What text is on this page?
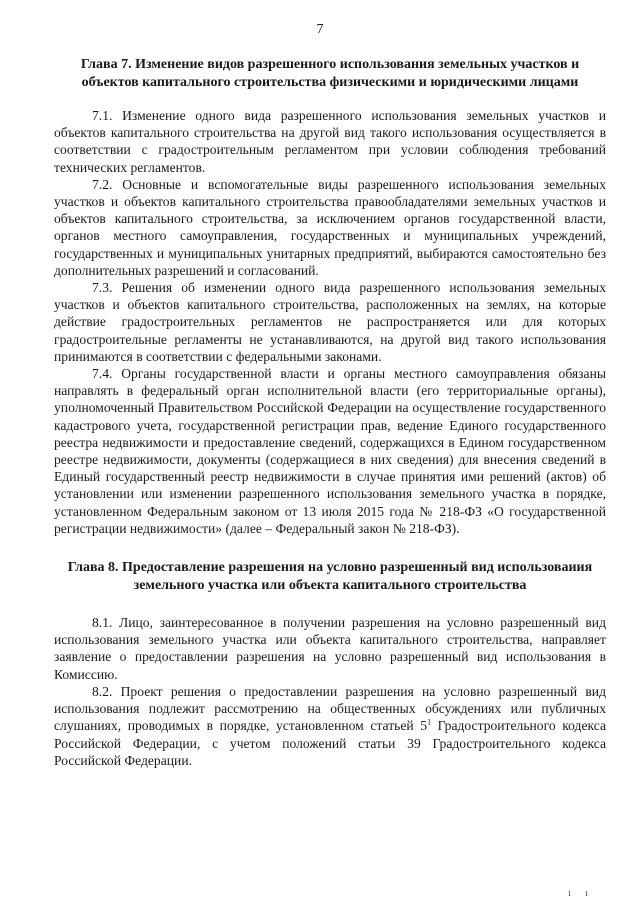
7
Глава 7. Изменение видов разрешенного использования земельных участков и объектов капитального строительства физическими и юридическими лицами

7.1. Изменение одного вида разрешенного использования земельных участков и объектов капитального строительства на другой вид такого использования осуществляется в соответствии с градостроительным регламентом при условии соблюдения требований технических регламентов.

7.2. Основные и вспомогательные виды разрешенного использования земельных участков и объектов капитального строительства правообладателями земельных участков и объектов капитального строительства, за исключением органов государственной власти, органов местного самоуправления, государственных и муниципальных учреждений, государственных и муниципальных унитарных предприятий, выбираются самостоятельно без дополнительных разрешений и согласований.

7.3. Решения об изменении одного вида разрешенного использования земельных участков и объектов капитального строительства, расположенных на землях, на которые действие градостроительных регламентов не распространяется или для которых градостроительные регламенты не устанавливаются, на другой вид такого использования принимаются в соответствии с федеральными законами.

7.4. Органы государственной власти и органы местного самоуправления обязаны направлять в федеральный орган исполнительной власти (его территориальные органы), уполномоченный Правительством Российской Федерации на осуществление государственного кадастрового учета, государственной регистрации прав, ведение Единого государственного реестра недвижимости и предоставление сведений, содержащихся в Едином государственном реестре недвижимости, документы (содержащиеся в них сведения) для внесения сведений в Единый государственный реестр недвижимости в случае принятия ими решений (актов) об установлении или изменении разрешенного использования земельного участка в порядке, установленном Федеральным законом от 13 июля 2015 года № 218-ФЗ «О государственной регистрации недвижимости» (далее – Федеральный закон № 218-ФЗ).

Глава 8. Предоставление разрешения на условно разрешенный вид использоваиия земельного участка или объекта капитального строительства

8.1. Лицо, заинтересованное в получении разрешения на условно разрешенный вид использования земельного участка или объекта капитального строительства, направляет заявление о предоставлении разрешения на условно разрешенный вид использования в Комиссию.

8.2. Проект решения о предоставлении разрешения на условно разрешенный вид использования подлежит рассмотрению на общественных обсуждениях или публичных слушаниях, проводимых в порядке, установленном статьей $5^1$ Градостроительного кодекса Российской Федерации, с учетом положений статьи 39 Градостроительного кодекса Российской Федерации.

ı ı
